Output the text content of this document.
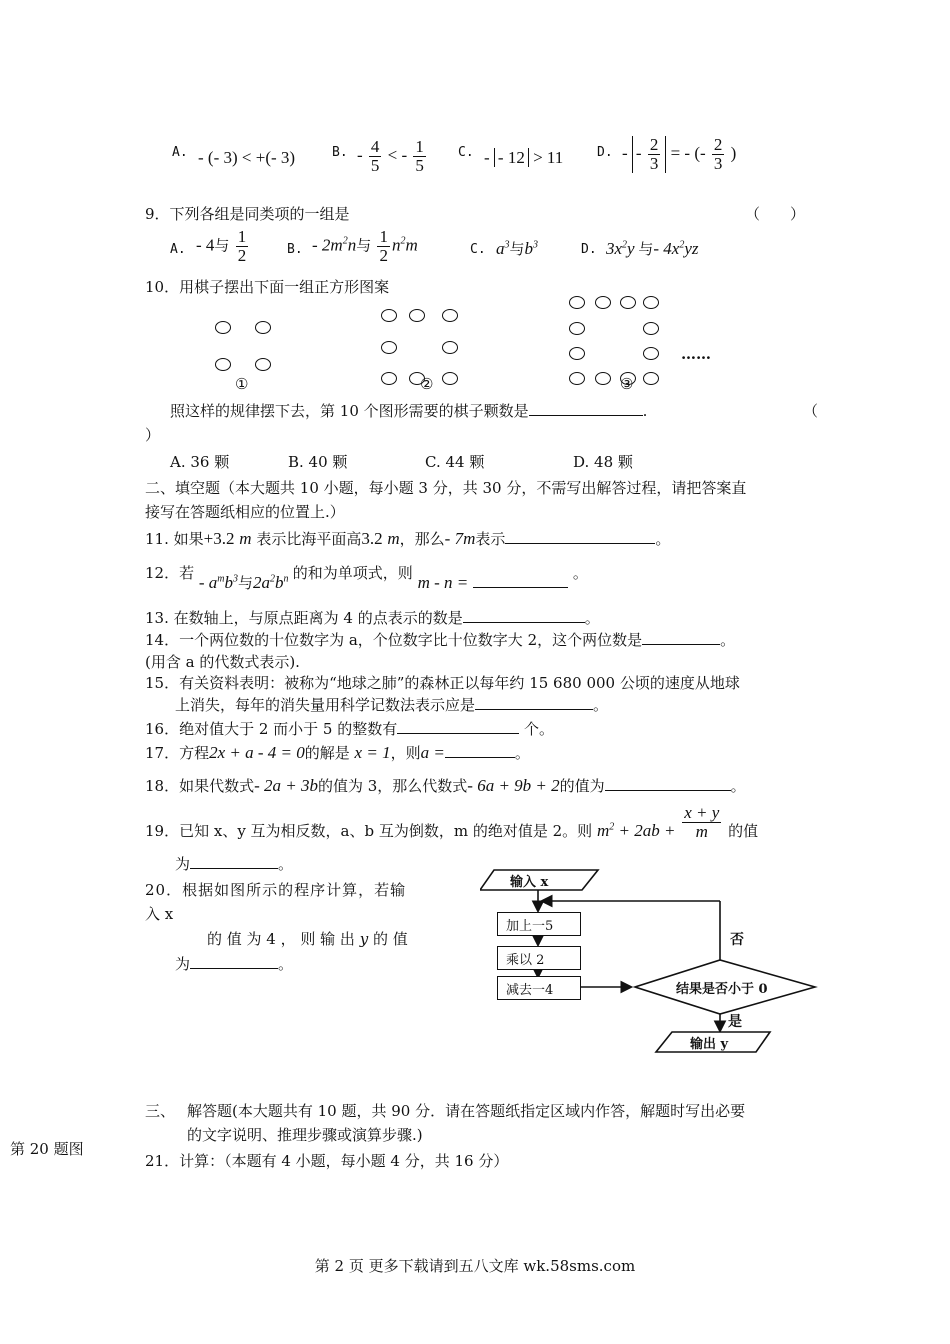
A. - (- 3) < +(- 3)	B. - $\frac{4}{5}$ < - $\frac{1}{5} C$. - - 12 > 11	D. - - $\frac{2}{3}$ = - (- $\frac{2}{3}$ )
9．下列各组是同类项的一组是	（　　）
A. - 4与 $\frac{1}{2}$	B. - $2m^2n$与 $\frac{1}{2} n^2m$	C. $a^3$与$b^3$	D. $3x^2y$ 与- $4x^2yz$
10．用棋子摆出下面一组正方形图案
①	②	③
……
照这样的规律摆下去，第 10 个图形需要的棋子颗数是	.	（
）
A. 36 颗	B. 40 颗	C. 44 颗	D. 48 颗
二、填空题（本大题共 10 小题，每小题 3 分，共 30 分，不需写出解答过程，请把答案直
接写在答题纸相应的位置上.）
11. 如果+3.2 m 表示比海平面高3.2 m，那么- 7m表示	。
12．若 - $a^mb^3$与$2a^2b^n$ 的和为单项式，则 m - n =	。
13. 在数轴上，与原点距离为 4 的点表示的数是	。
14．一个两位数的十位数字为 a，个位数字比十位数字大 2，这个两位数是	。
(用含 a 的代数式表示).
15．有关资料表明：被称为“地球之肺”的森林正以每年约 15 680 000 公顷的速度从地球
上消失，每年的消失量用科学记数法表示应是	。
16．绝对值大于 2 而小于 5 的整数有	个。
17．方程2x + a - 4 = 0的解是 x = 1，则a =	。
18．如果代数式- 2a + 3b的值为 3，那么代数式- 6a + 9b + 2的值为	。
19．已知 x、y 互为相反数，a、b 互为倒数，m 的绝对值是 2。则 $m^2 + 2ab + \frac{x + y}{m}$ 的值
为	。
20．根据如图所示的程序计算，若输
入 x
的 值 为 4 ， 则 输 出 y 的 值
为	。
输入 x
加上一5
乘以 2
减去一4	结果是否小于 0
否
是
输出 y
三、 解答题(本大题共有 10 题，共 90 分．请在答题纸指定区域内作答，解题时写出必要
的文字说明、推理步骤或演算步骤.)
第 20 题图
21．计算：（本题有 4 小题，每小题 4 分，共 16 分）
第 2 页 更多下载请到五八文库 wk.58sms.com
